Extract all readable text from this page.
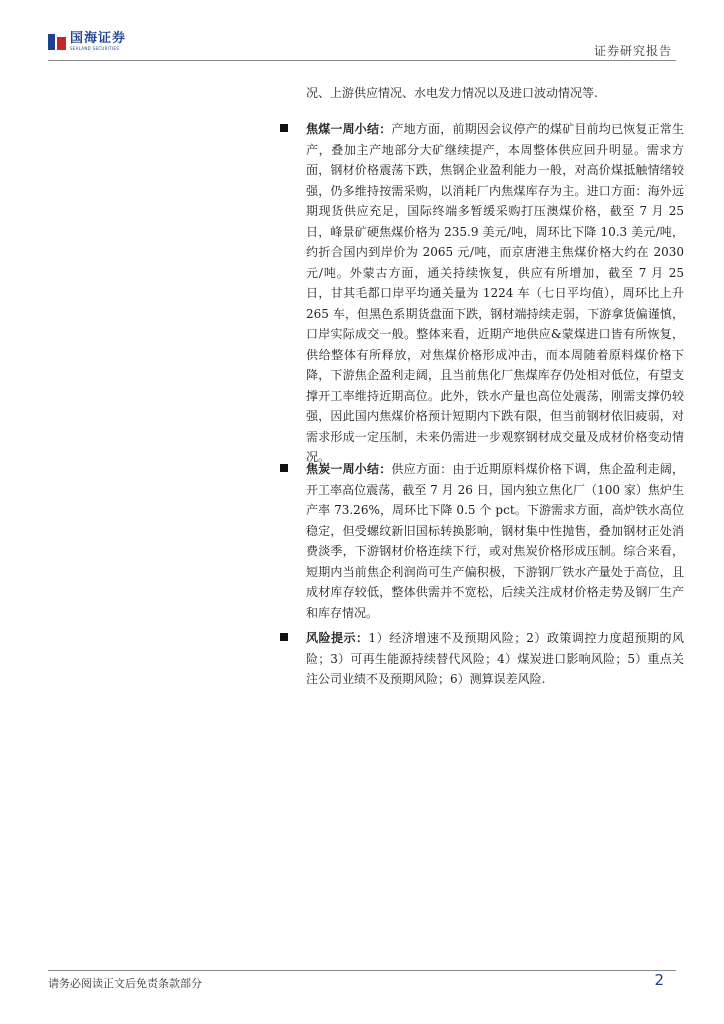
国海证券
SEALAND SECURITIES	证券研究报告
况、上游供应情况、水电发力情况以及进口波动情况等.
焦煤一周小结：产地方面，前期因会议停产的煤矿目前均已恢复正常生产，叠加主产地部分大矿继续提产，本周整体供应回升明显。需求方面，钢材价格震荡下跌，焦钢企业盈利能力一般，对高价煤抵触情绪较强，仍多维持按需采购，以消耗厂内焦煤库存为主。进口方面：海外远期现货供应充足，国际终端多暂缓采购打压澳煤价格，截至 7 月 25 日，峰景矿硬焦煤价格为 235.9 美元/吨，周环比下降 10.3 美元/吨，约折合国内到岸价为 2065 元/吨，而京唐港主焦煤价格大约在 2030 元/吨。外蒙古方面，通关持续恢复，供应有所增加，截至 7 月 25 日，甘其毛都口岸平均通关量为 1224 车（七日平均值），周环比上升 265 车，但黑色系期货盘面下跌，钢材端持续走弱，下游拿货偏谨慎，口岸实际成交一般。整体来看，近期产地供应&蒙煤进口皆有所恢复，供给整体有所释放，对焦煤价格形成冲击，而本周随着原料煤价格下降，下游焦企盈利走阔，且当前焦化厂焦煤库存仍处相对低位，有望支撑开工率维持近期高位。此外，铁水产量也高位处震荡，刚需支撑仍较强，因此国内焦煤价格预计短期内下跌有限，但当前钢材依旧疲弱，对需求形成一定压制，未来仍需进一步观察钢材成交量及成材价格变动情况。
焦炭一周小结：供应方面：由于近期原料煤价格下调，焦企盈利走阔，开工率高位震荡，截至 7 月 26 日，国内独立焦化厂（100 家）焦炉生产率 73.26%，周环比下降 0.5 个 pct。下游需求方面，高炉铁水高位稳定，但受螺纹新旧国标转换影响，钢材集中性抛售，叠加钢材正处消费淡季，下游钢材价格连续下行，或对焦炭价格形成压制。综合来看，短期内当前焦企利润尚可生产偏积极，下游钢厂铁水产量处于高位，且成材库存较低，整体供需并不宽松，后续关注成材价格走势及钢厂生产和库存情况。
风险提示：1）经济增速不及预期风险；2）政策调控力度超预期的风险；3）可再生能源持续替代风险；4）煤炭进口影响风险；5）重点关注公司业绩不及预期风险；6）测算误差风险.
请务必阅读正文后免责条款部分	2
